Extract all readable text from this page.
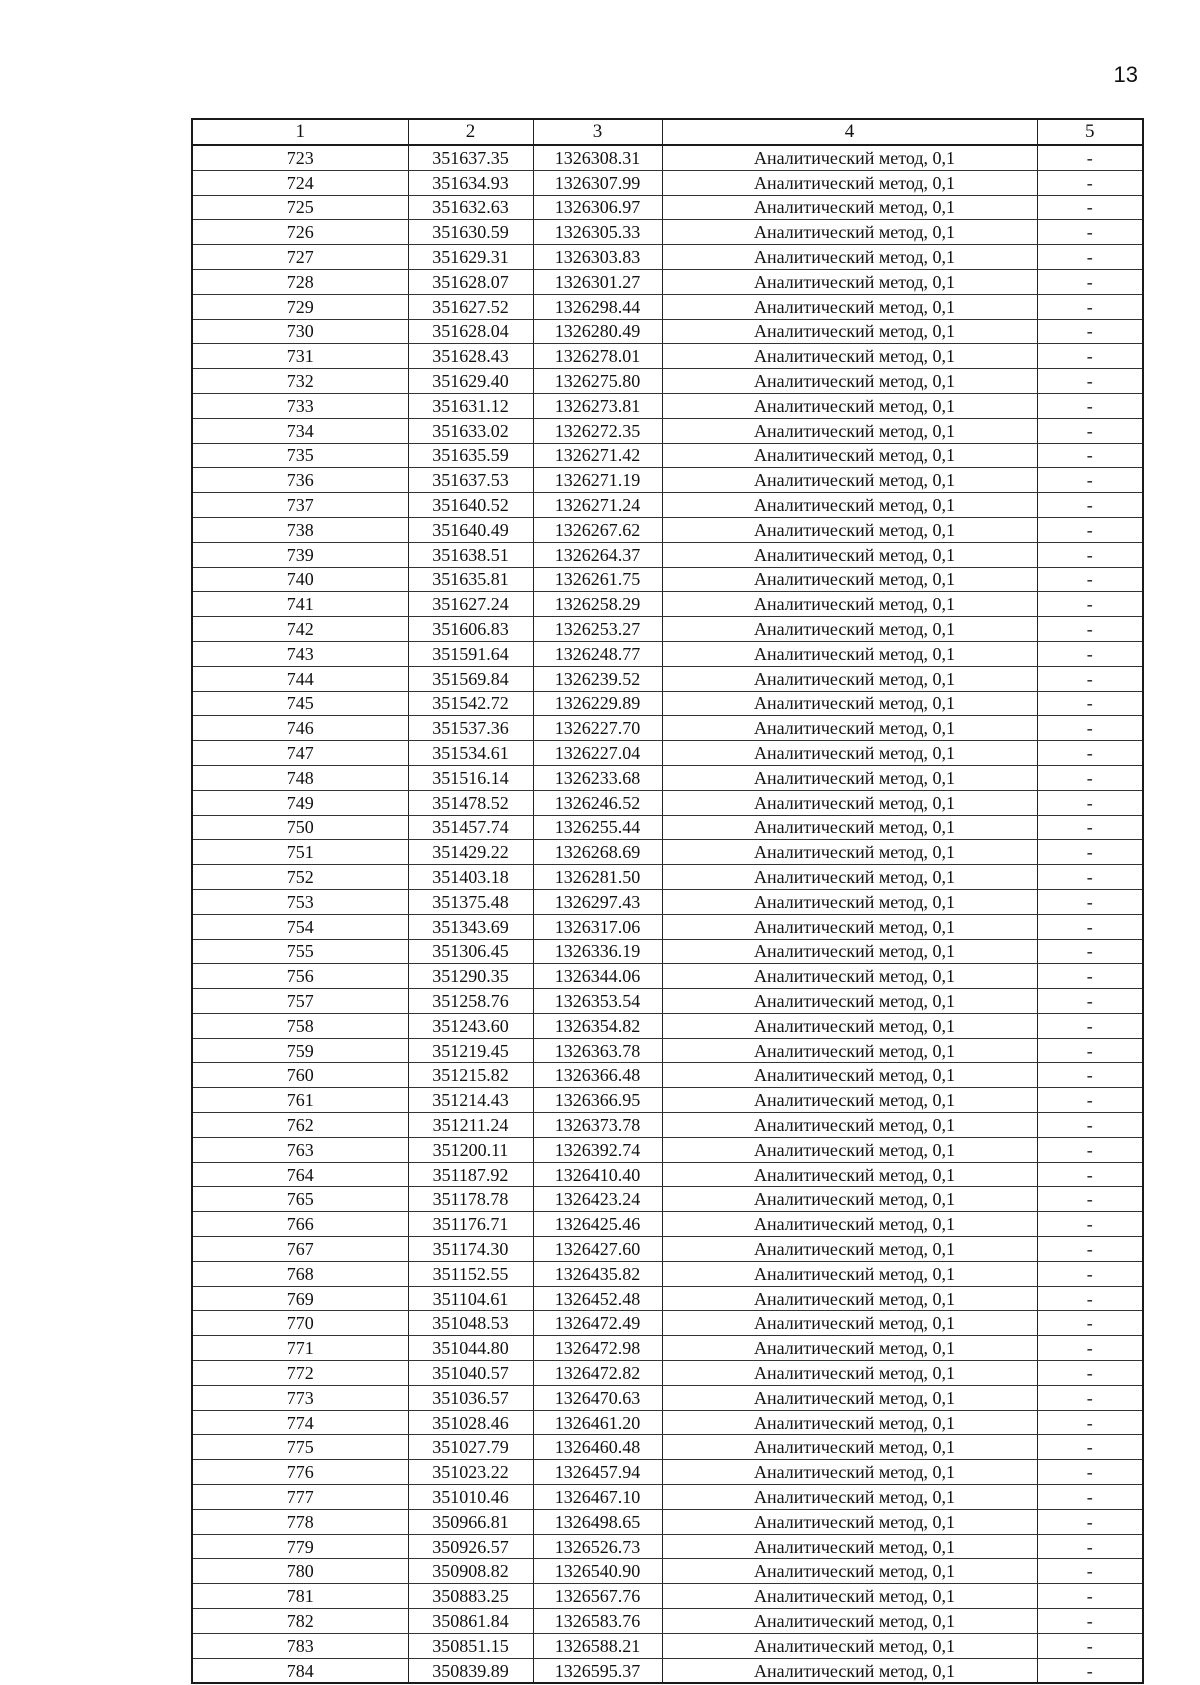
13
1	2	3	4	5
723	351637.35	1326308.31	Аналитический метод, 0,1	-
724	351634.93	1326307.99	Аналитический метод, 0,1	-
725	351632.63	1326306.97	Аналитический метод, 0,1	-
726	351630.59	1326305.33	Аналитический метод, 0,1	-
727	351629.31	1326303.83	Аналитический метод, 0,1	-
728	351628.07	1326301.27	Аналитический метод, 0,1	-
729	351627.52	1326298.44	Аналитический метод, 0,1	-
730	351628.04	1326280.49	Аналитический метод, 0,1	-
731	351628.43	1326278.01	Аналитический метод, 0,1	-
732	351629.40	1326275.80	Аналитический метод, 0,1	-
733	351631.12	1326273.81	Аналитический метод, 0,1	-
734	351633.02	1326272.35	Аналитический метод, 0,1	-
735	351635.59	1326271.42	Аналитический метод, 0,1	-
736	351637.53	1326271.19	Аналитический метод, 0,1	-
737	351640.52	1326271.24	Аналитический метод, 0,1	-
738	351640.49	1326267.62	Аналитический метод, 0,1	-
739	351638.51	1326264.37	Аналитический метод, 0,1	-
740	351635.81	1326261.75	Аналитический метод, 0,1	-
741	351627.24	1326258.29	Аналитический метод, 0,1	-
742	351606.83	1326253.27	Аналитический метод, 0,1	-
743	351591.64	1326248.77	Аналитический метод, 0,1	-
744	351569.84	1326239.52	Аналитический метод, 0,1	-
745	351542.72	1326229.89	Аналитический метод, 0,1	-
746	351537.36	1326227.70	Аналитический метод, 0,1	-
747	351534.61	1326227.04	Аналитический метод, 0,1	-
748	351516.14	1326233.68	Аналитический метод, 0,1	-
749	351478.52	1326246.52	Аналитический метод, 0,1	-
750	351457.74	1326255.44	Аналитический метод, 0,1	-
751	351429.22	1326268.69	Аналитический метод, 0,1	-
752	351403.18	1326281.50	Аналитический метод, 0,1	-
753	351375.48	1326297.43	Аналитический метод, 0,1	-
754	351343.69	1326317.06	Аналитический метод, 0,1	-
755	351306.45	1326336.19	Аналитический метод, 0,1	-
756	351290.35	1326344.06	Аналитический метод, 0,1	-
757	351258.76	1326353.54	Аналитический метод, 0,1	-
758	351243.60	1326354.82	Аналитический метод, 0,1	-
759	351219.45	1326363.78	Аналитический метод, 0,1	-
760	351215.82	1326366.48	Аналитический метод, 0,1	-
761	351214.43	1326366.95	Аналитический метод, 0,1	-
762	351211.24	1326373.78	Аналитический метод, 0,1	-
763	351200.11	1326392.74	Аналитический метод, 0,1	-
764	351187.92	1326410.40	Аналитический метод, 0,1	-
765	351178.78	1326423.24	Аналитический метод, 0,1	-
766	351176.71	1326425.46	Аналитический метод, 0,1	-
767	351174.30	1326427.60	Аналитический метод, 0,1	-
768	351152.55	1326435.82	Аналитический метод, 0,1	-
769	351104.61	1326452.48	Аналитический метод, 0,1	-
770	351048.53	1326472.49	Аналитический метод, 0,1	-
771	351044.80	1326472.98	Аналитический метод, 0,1	-
772	351040.57	1326472.82	Аналитический метод, 0,1	-
773	351036.57	1326470.63	Аналитический метод, 0,1	-
774	351028.46	1326461.20	Аналитический метод, 0,1	-
775	351027.79	1326460.48	Аналитический метод, 0,1	-
776	351023.22	1326457.94	Аналитический метод, 0,1	-
777	351010.46	1326467.10	Аналитический метод, 0,1	-
778	350966.81	1326498.65	Аналитический метод, 0,1	-
779	350926.57	1326526.73	Аналитический метод, 0,1	-
780	350908.82	1326540.90	Аналитический метод, 0,1	-
781	350883.25	1326567.76	Аналитический метод, 0,1	-
782	350861.84	1326583.76	Аналитический метод, 0,1	-
783	350851.15	1326588.21	Аналитический метод, 0,1	-
784	350839.89	1326595.37	Аналитический метод, 0,1	-
